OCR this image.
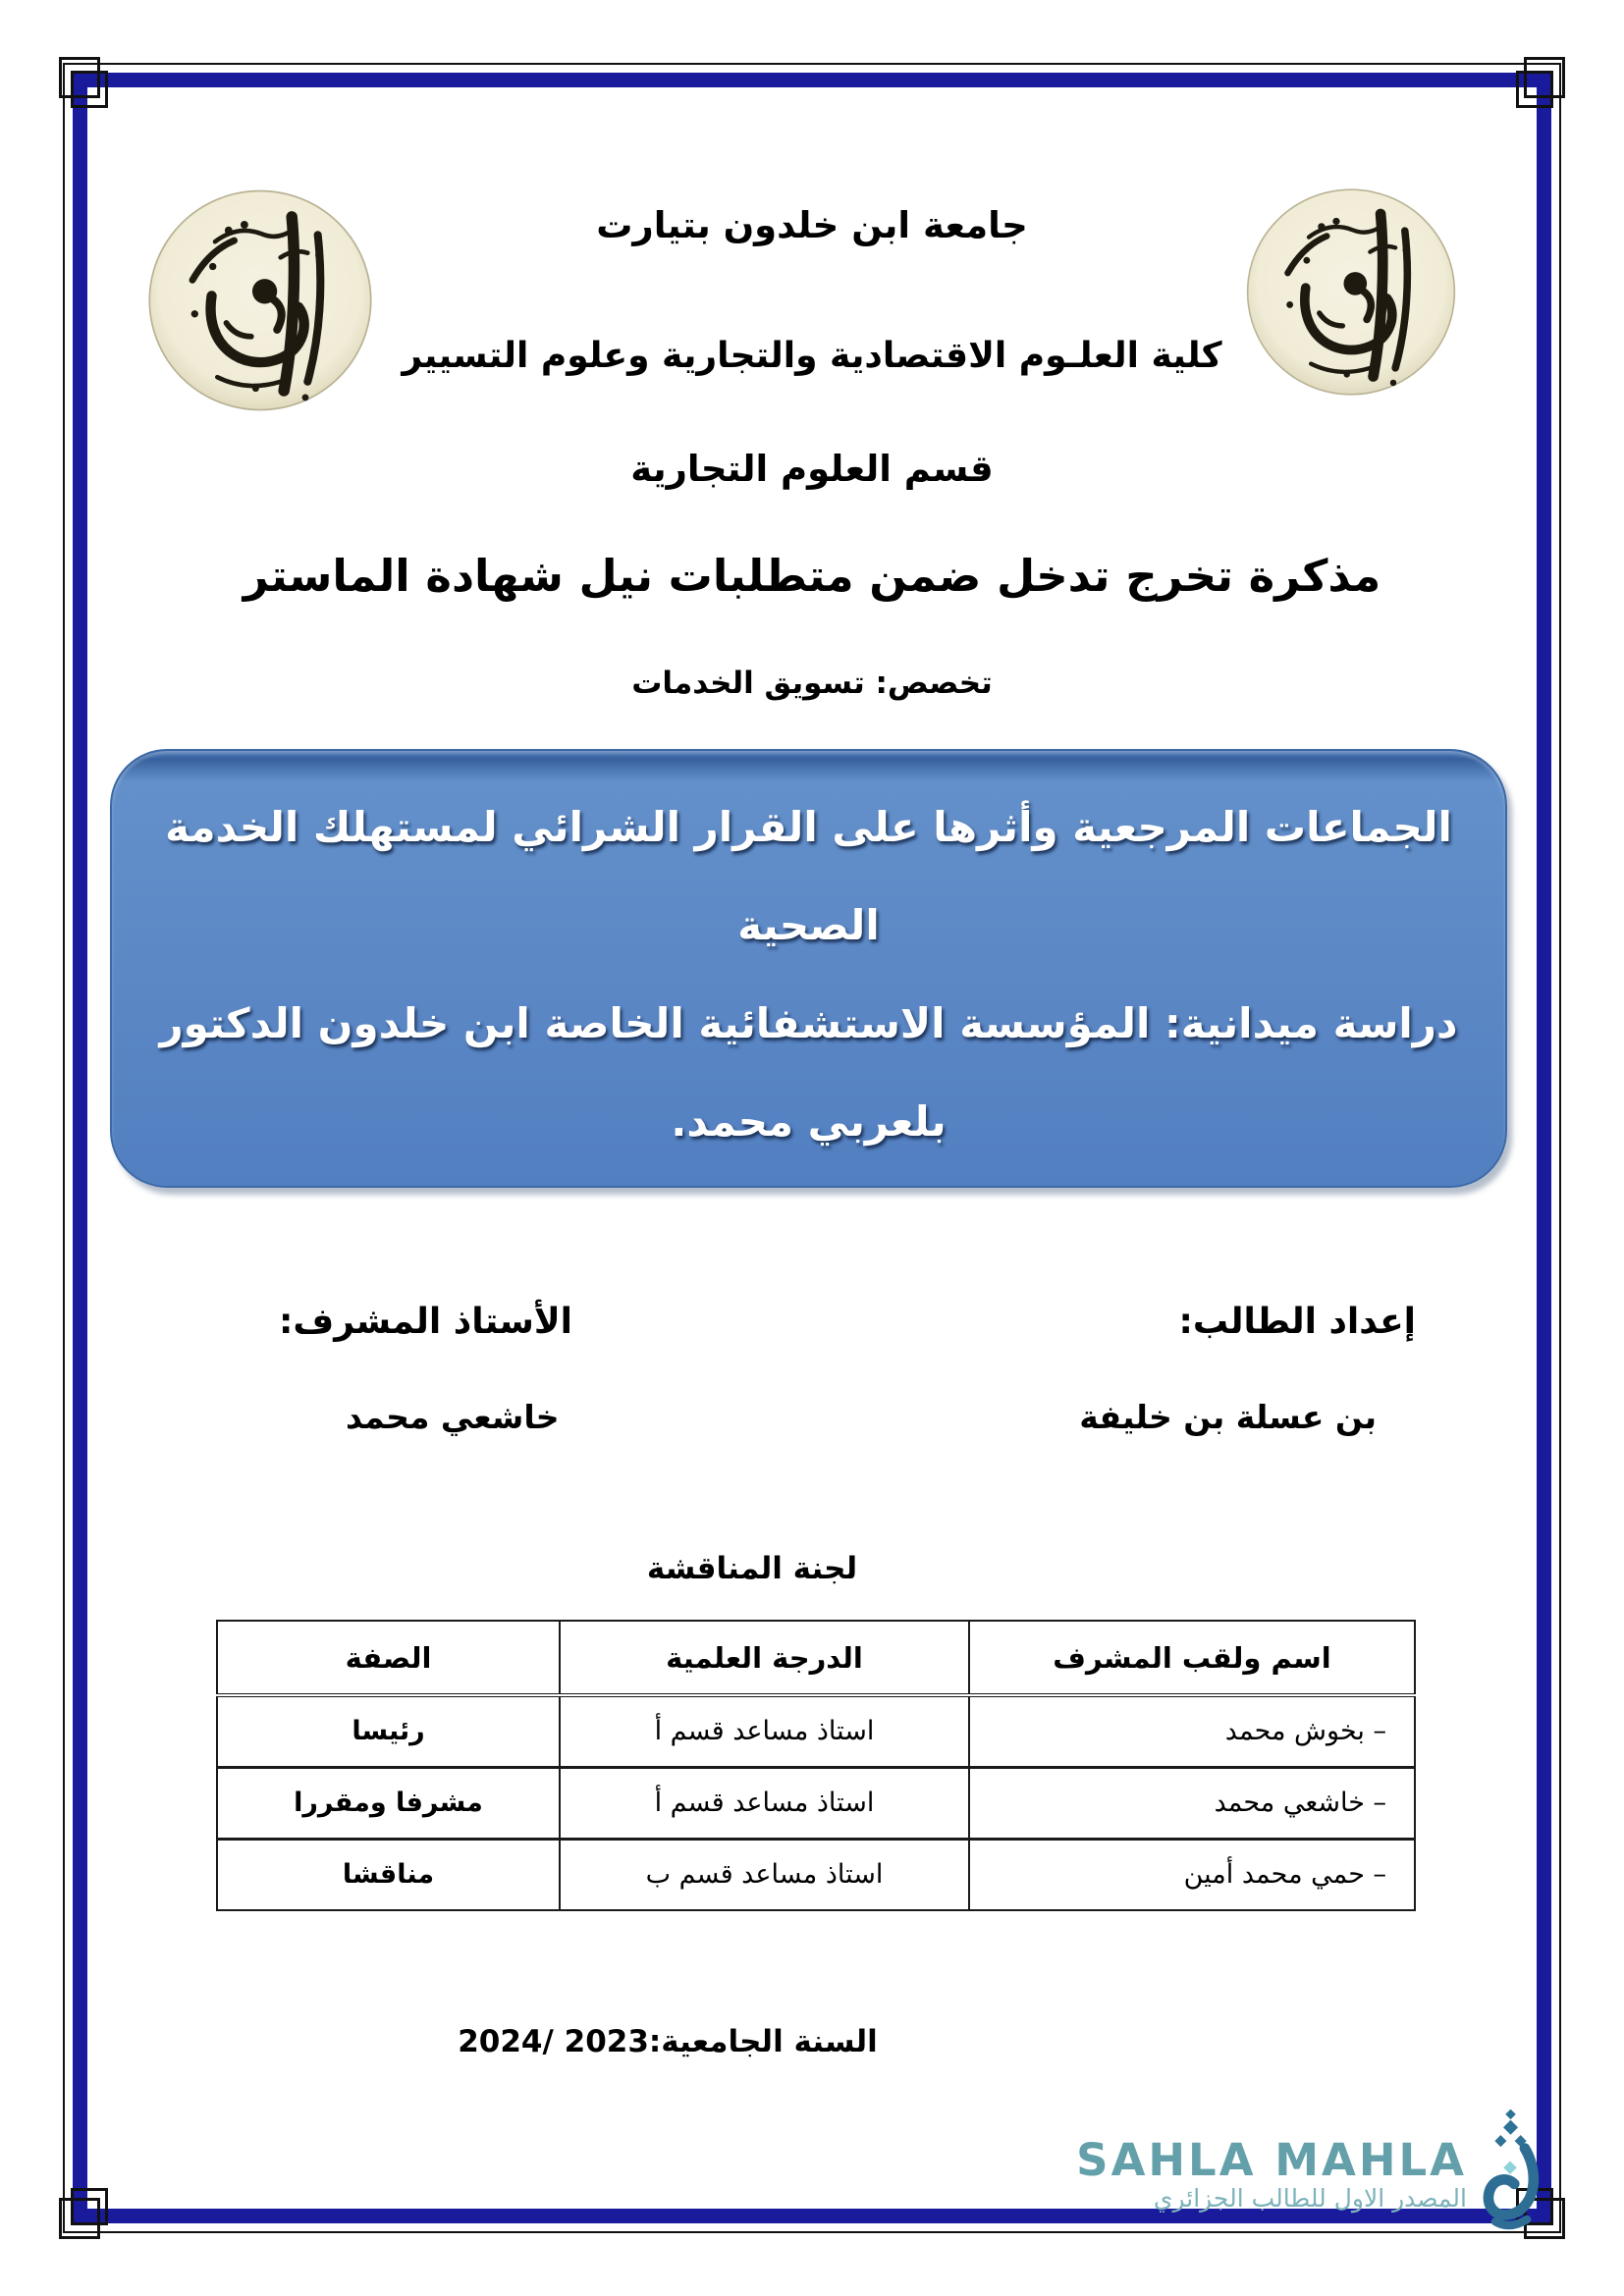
جامعة ابن خلدون بتيارت
كلية العلـوم الاقتصادية والتجارية وعلوم التسيير
قسم العلوم التجارية
مذكرة تخرج تدخل ضمن متطلبات نيل شهادة الماستر
تخصص: تسويق الخدمات
الجماعات المرجعية وأثرها على القرار الشرائي لمستهلك الخدمة
الصحية
دراسة ميدانية: المؤسسة الاستشفائية الخاصة ابن خلدون الدكتور
بلعربي محمد.
إعداد الطالب:
بن عسلة بن خليفة
الأستاذ المشرف:
خاشعي محمد
لجنة المناقشة
اسم ولقب المشرف	الدرجة العلمية	الصفة
– بخوش محمد	استاذ مساعد قسم أ	رئيسا
– خاشعي محمد	استاذ مساعد قسم أ	مشرفا ومقررا
– حمي محمد أمين	استاذ مساعد قسم ب	مناقشا
السنة الجامعية:2023 /2024
SAHLA MAHLA
المصدر الاول للطالب الجزائري
